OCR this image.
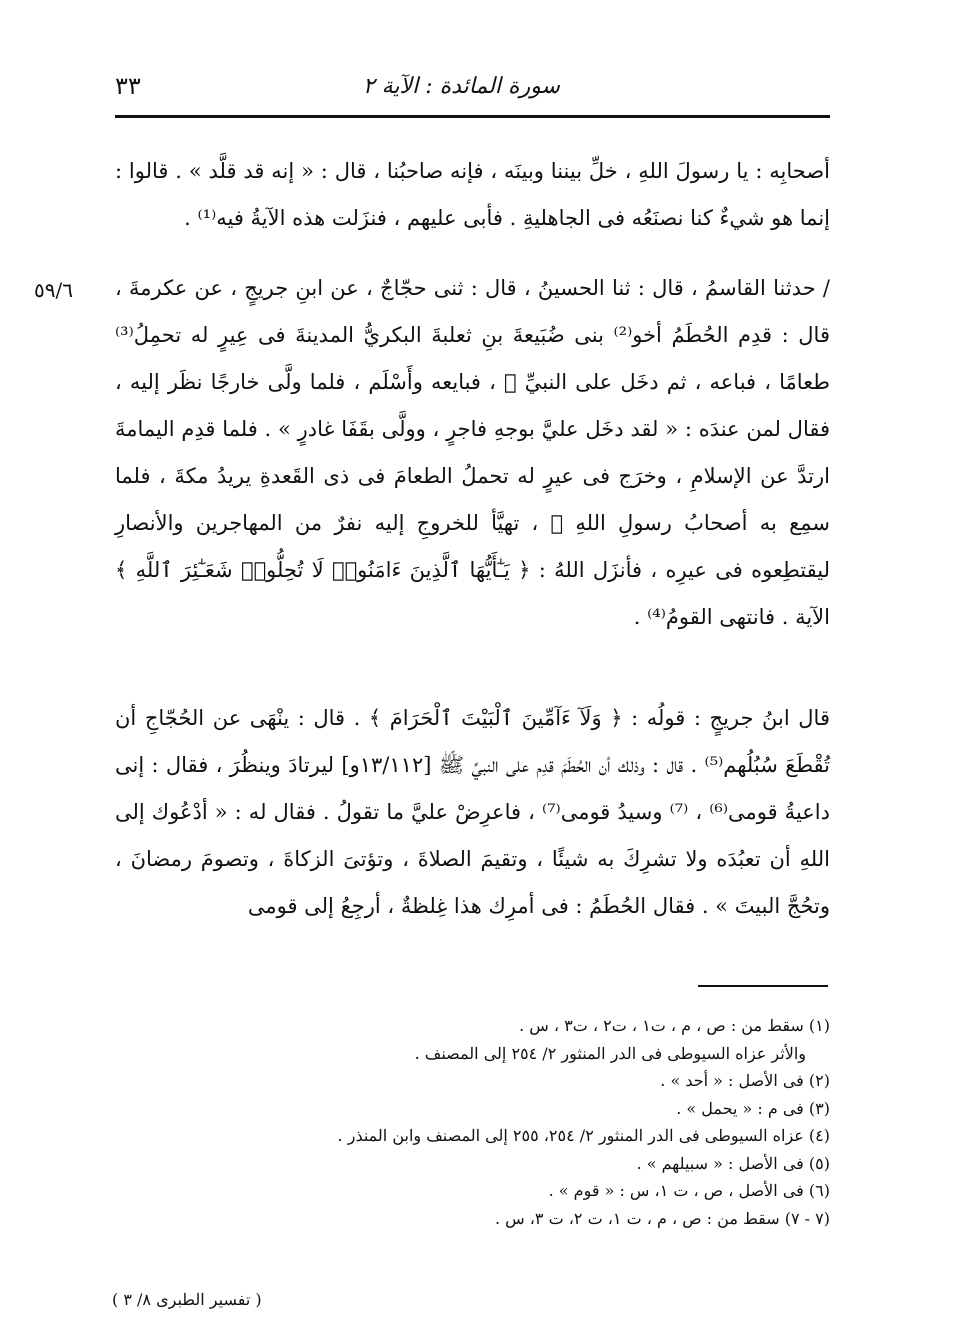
سورة المائدة : الآية ٢
٣٣
٥٩/٦

أصحابِه : يا رسولَ اللهِ ، خلِّ بيننا وبينَه ، فإنه صاحبُنا ، قال : « إنه قد قلَّد » . قالوا : إنما هو شيءٌ كنا نصنَعُه فى الجاهليةِ . فأبى عليهم ، فنزَلت هذه الآيةُ فيه⁽¹⁾ .

/ حدثنا القاسمُ ، قال : ثنا الحسينُ ، قال : ثنى حجّاجٌ ، عن ابنِ جريجٍ ، عن عكرمةَ ، قال : قدِم الحُطَمُ أخو⁽²⁾ بنى ضُبَيعةَ بنِ ثعلبةَ البكريُّ المدينةَ فى عِيرٍ له تحمِلُ⁽³⁾ طعامًا ، فباعه ، ثم دخَل على النبيِّ ﷺ ، فبايعه وأَسْلَم ، فلما ولَّى خارجًا نظَر إليه ، فقال لمن عندَه : « لقد دخَل عليَّ بوجهِ فاجرٍ ، وولَّى بقَفَا غادرٍ » . فلما قدِم اليمامةَ ارتدَّ عن الإسلامِ ، وخرَج فى عيرٍ له تحملُ الطعامَ فى ذى القَعدةِ يريدُ مكةَ ، فلما سمِع به أصحابُ رسولِ اللهِ ﷺ ، تهيَّأ للخروجِ إليه نفرٌ من المهاجرين والأنصارِ ليقتطِعوه فى عيرِه ، فأنزَل اللهُ : ﴿ يَـٰٓأَيُّهَا ٱلَّذِينَ ءَامَنُوا۟ لَا تُحِلُّوا۟ شَعَـٰٓئِرَ ٱللَّهِ ﴾ الآية . فانتهى القومُ⁽⁴⁾ .

قال ابنُ جريجٍ : قولُه : ﴿ وَلَآ ءَآمِّينَ ٱلْبَيْتَ ٱلْحَرَامَ ﴾ . قال : ينْهَى عن الحُجّاجِ أن تُقْطَعَ سُبُلُهم⁽⁵⁾ . قال : وذلك أن الحُطَمَ قدِم على النبيِّ ﷺ [١٣/١١٢و] ليرتادَ وينظُرَ ، فقال : إنى داعيةُ قومى⁽⁶⁾ ، ⁽⁷⁾ وسيدُ قومى⁽⁷⁾ ، فاعرِضْ عليَّ ما تقولُ . فقال له : « أدْعُوك إلى اللهِ أن تعبُدَه ولا تشرِكَ به شيئًا ، وتقيمَ الصلاةَ ، وتؤتىَ الزكاةَ ، وتصومَ رمضانَ ، وتحُجَّ البيتَ » . فقال الحُطَمُ : فى أمرِك هذا غِلظةٌ ، أرجِعُ إلى قومى

(١) سقط من : ص ، م ، ت١ ، ت٢ ، ت٣ ، س .

والأثر عزاه السيوطى فى الدر المنثور ٢/ ٢٥٤ إلى المصنف .

(٢) فى الأصل : « أحد » .

(٣) فى م : « يحمل » .

(٤) عزاه السيوطى فى الدر المنثور ٢/ ٢٥٤، ٢٥٥ إلى المصنف وابن المنذر .

(٥) فى الأصل : « سبيلهم » .

(٦) فى الأصل ، ص ، ت ١، س : « قوم » .

(٧ - ٧) سقط من : ص ، م ، ت ١، ت ٢، ت ٣، س .

( تفسير الطبرى ٨/ ٣ )
